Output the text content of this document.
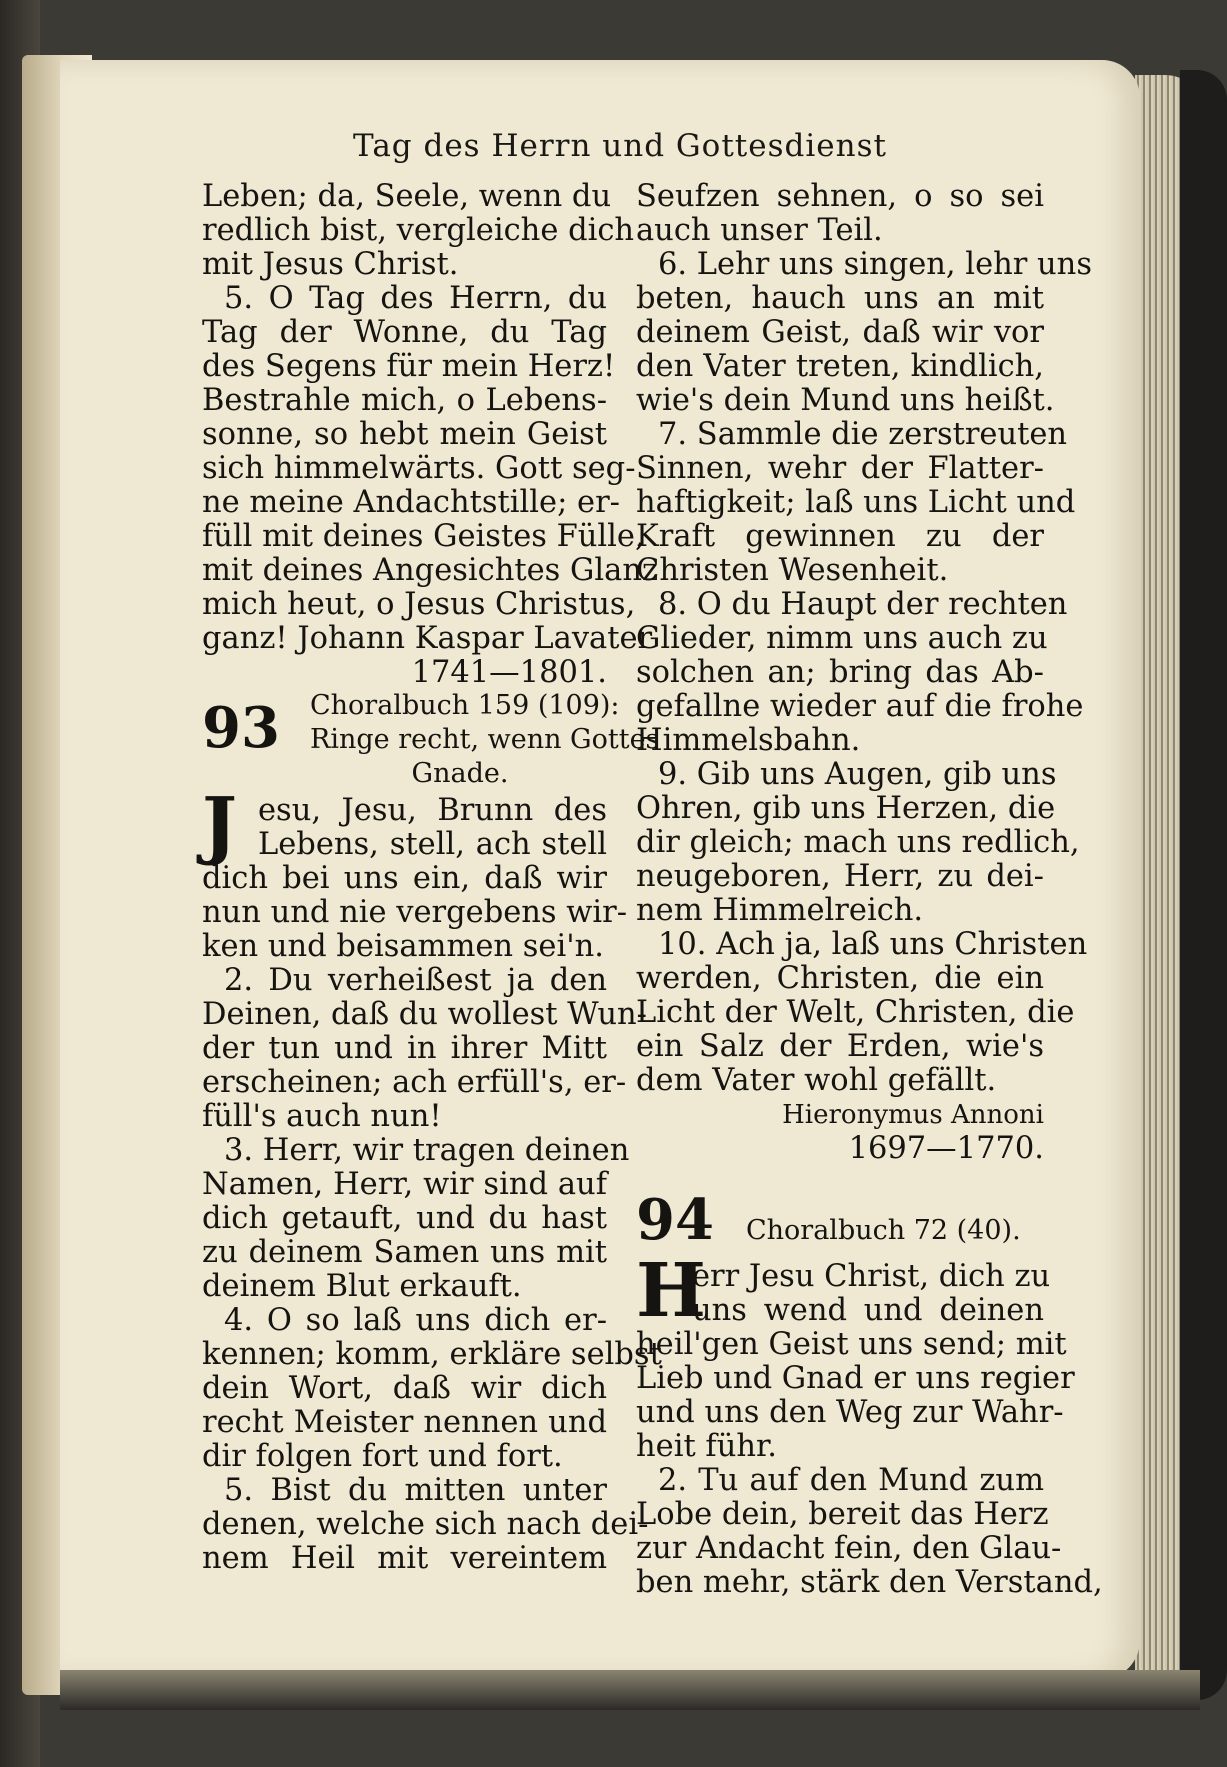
Tag des Herrn und Gottesdienst
Leben; da, Seele, wenn du
redlich bist, vergleiche dich
mit Jesus Christ.
5. O Tag des Herrn, du
Tag der Wonne, du Tag
des Segens für mein Herz!
Bestrahle mich, o Lebens-
sonne, so hebt mein Geist
sich himmelwärts. Gott seg-
ne meine Andachtstille; er-
füll mit deines Geistes Fülle,
mit deines Angesichtes Glanz
mich heut, o Jesus Christus,
ganz! Johann Kaspar Lavater
1741—1801.
93 Choralbuch 159 (109):
Ringe recht, wenn Gottes
Gnade.
J esu, Jesu, Brunn des
Lebens, stell, ach stell
dich bei uns ein, daß wir
nun und nie vergebens wir-
ken und beisammen sei'n.
2. Du verheißest ja den
Deinen, daß du wollest Wun-
der tun und in ihrer Mitt
erscheinen; ach erfüll's, er-
füll's auch nun!
3. Herr, wir tragen deinen
Namen, Herr, wir sind auf
dich getauft, und du hast
zu deinem Samen uns mit
deinem Blut erkauft.
4. O so laß uns dich er-
kennen; komm, erkläre selbst
dein Wort, daß wir dich
recht Meister nennen und
dir folgen fort und fort.
5. Bist du mitten unter
denen, welche sich nach dei-
nem Heil mit vereintem
Seufzen sehnen, o so sei
auch unser Teil.
6. Lehr uns singen, lehr uns
beten, hauch uns an mit
deinem Geist, daß wir vor
den Vater treten, kindlich,
wie's dein Mund uns heißt.
7. Sammle die zerstreuten
Sinnen, wehr der Flatter-
haftigkeit; laß uns Licht und
Kraft gewinnen zu der
Christen Wesenheit.
8. O du Haupt der rechten
Glieder, nimm uns auch zu
solchen an; bring das Ab-
gefallne wieder auf die frohe
Himmelsbahn.
9. Gib uns Augen, gib uns
Ohren, gib uns Herzen, die
dir gleich; mach uns redlich,
neugeboren, Herr, zu dei-
nem Himmelreich.
10. Ach ja, laß uns Christen
werden, Christen, die ein
Licht der Welt, Christen, die
ein Salz der Erden, wie's
dem Vater wohl gefällt.
Hieronymus Annoni
1697—1770.
94 Choralbuch 72 (40).
H
err Jesu Christ, dich zu
uns wend und deinen
heil'gen Geist uns send; mit
Lieb und Gnad er uns regier
und uns den Weg zur Wahr-
heit führ.
2. Tu auf den Mund zum
Lobe dein, bereit das Herz
zur Andacht fein, den Glau-
ben mehr, stärk den Verstand,
